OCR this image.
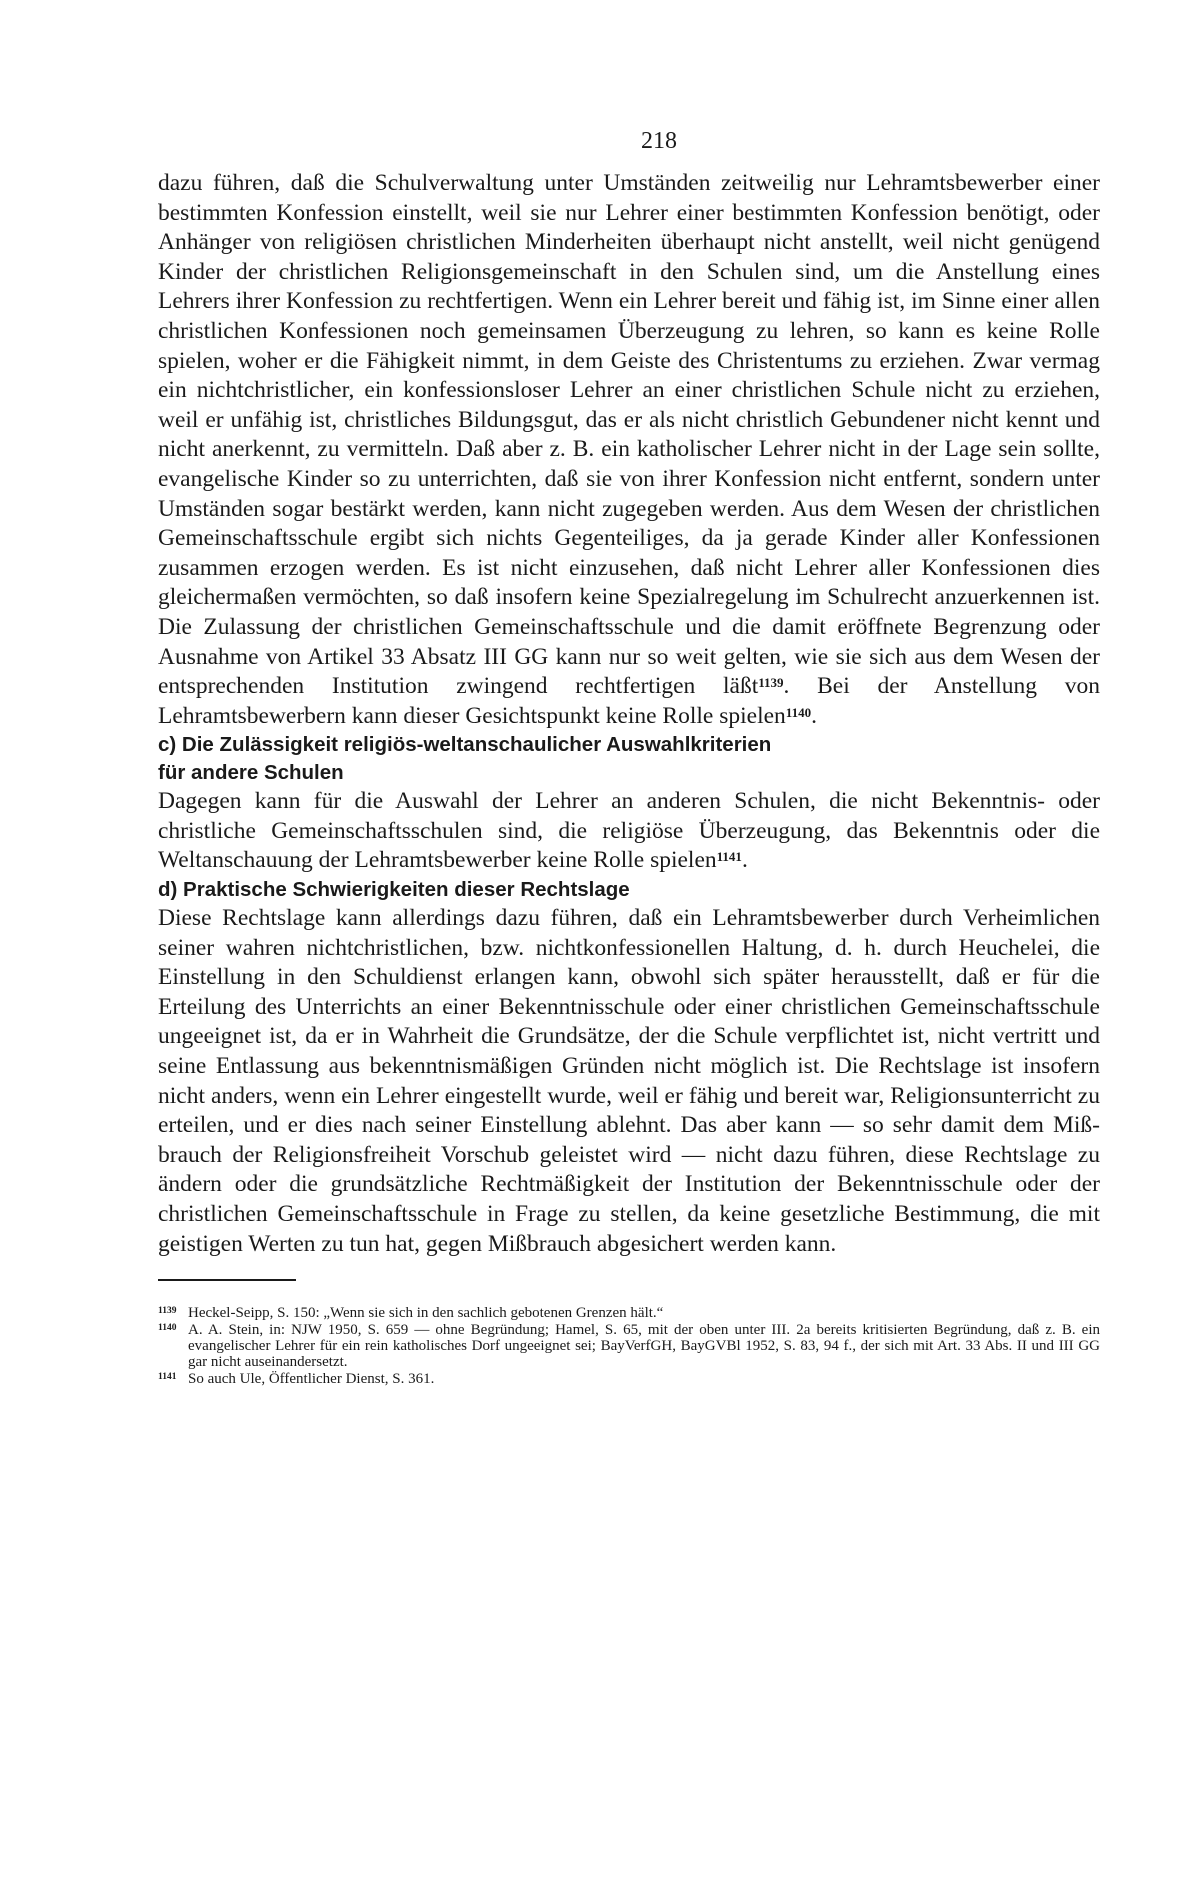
218

dazu führen, daß die Schulverwaltung unter Umständen zeitweilig nur Lehramtsbewerber einer bestimmten Konfession einstellt, weil sie nur Lehrer einer bestimmten Konfession benötigt, oder Anhänger von religiösen christlichen Minderheiten überhaupt nicht anstellt, weil nicht genügend Kinder der christlichen Religionsgemeinschaft in den Schulen sind, um die Anstellung eines Lehrers ihrer Konfession zu rechtfertigen. Wenn ein Lehrer bereit und fähig ist, im Sinne einer allen christlichen Konfessionen noch gemeinsamen Überzeugung zu lehren, so kann es keine Rolle spielen, woher er die Fähigkeit nimmt, in dem Geiste des Christentums zu erziehen. Zwar vermag ein nichtchristlicher, ein konfessionsloser Lehrer an einer christlichen Schule nicht zu erziehen, weil er unfähig ist, christliches Bildungsgut, das er als nicht christlich Gebundener nicht kennt und nicht anerkennt, zu vermitteln. Daß aber z. B. ein katholischer Lehrer nicht in der Lage sein sollte, evangelische Kinder so zu unterrichten, daß sie von ihrer Konfession nicht entfernt, sondern unter Umständen sogar bestärkt werden, kann nicht zugegeben werden. Aus dem Wesen der christlichen Gemeinschaftsschule ergibt sich nichts Gegenteiliges, da ja gerade Kinder aller Konfessionen zusammen erzogen werden. Es ist nicht einzusehen, daß nicht Lehrer aller Konfessionen dies gleichermaßen vermöchten, so daß insofern keine Spezialregelung im Schulrecht anzuerkennen ist. Die Zulassung der christlichen Gemeinschaftsschule und die damit eröffnete Begrenzung oder Ausnahme von Artikel 33 Absatz III GG kann nur so weit gelten, wie sie sich aus dem Wesen der entsprechenden Institution zwingend rechtfertigen läßt$^{1139}$. Bei der Anstellung von Lehramtsbewerbern kann dieser Gesichtspunkt keine Rolle spielen$^{1140}$.

c) Die Zulässigkeit religiös-weltanschaulicher Auswahlkriterien
für andere Schulen

Dagegen kann für die Auswahl der Lehrer an anderen Schulen, die nicht Bekenntnis- oder christliche Gemeinschaftsschulen sind, die religiöse Überzeugung, das Bekenntnis oder die Weltanschauung der Lehramtsbewerber keine Rolle spielen$^{1141}$.

d) Praktische Schwierigkeiten dieser Rechtslage

Diese Rechtslage kann allerdings dazu führen, daß ein Lehramtsbewerber durch Verheimlichen seiner wahren nichtchristlichen, bzw. nichtkonfessionellen Haltung, d. h. durch Heuchelei, die Einstellung in den Schuldienst erlangen kann, obwohl sich später herausstellt, daß er für die Erteilung des Unterrichts an einer Bekenntnisschule oder einer christlichen Gemeinschaftsschule ungeeignet ist, da er in Wahrheit die Grundsätze, der die Schule verpflichtet ist, nicht vertritt und seine Entlassung aus bekenntnismäßigen Gründen nicht möglich ist. Die Rechtslage ist insofern nicht anders, wenn ein Lehrer eingestellt wurde, weil er fähig und bereit war, Religionsunterricht zu erteilen, und er dies nach seiner Einstellung ablehnt. Das aber kann — so sehr damit dem Mißbrauch der Religionsfreiheit Vorschub geleistet wird — nicht dazu führen, diese Rechtslage zu ändern oder die grundsätzliche Rechtmäßigkeit der Institution der Bekenntnisschule oder der christlichen Gemeinschaftsschule in Frage zu stellen, da keine gesetzliche Bestimmung, die mit geistigen Werten zu tun hat, gegen Mißbrauch abgesichert werden kann.

1139 Heckel-Seipp, S. 150: „Wenn sie sich in den sachlich gebotenen Grenzen hält.“
1140 A. A. Stein, in: NJW 1950, S. 659 — ohne Begründung; Hamel, S. 65, mit der oben unter III. 2a bereits kritisierten Begründung, daß z. B. ein evangelischer Lehrer für ein rein katholisches Dorf ungeeignet sei; BayVerfGH, BayGVBl 1952, S. 83, 94 f., der sich mit Art. 33 Abs. II und III GG gar nicht auseinandersetzt.
1141 So auch Ule, Öffentlicher Dienst, S. 361.
